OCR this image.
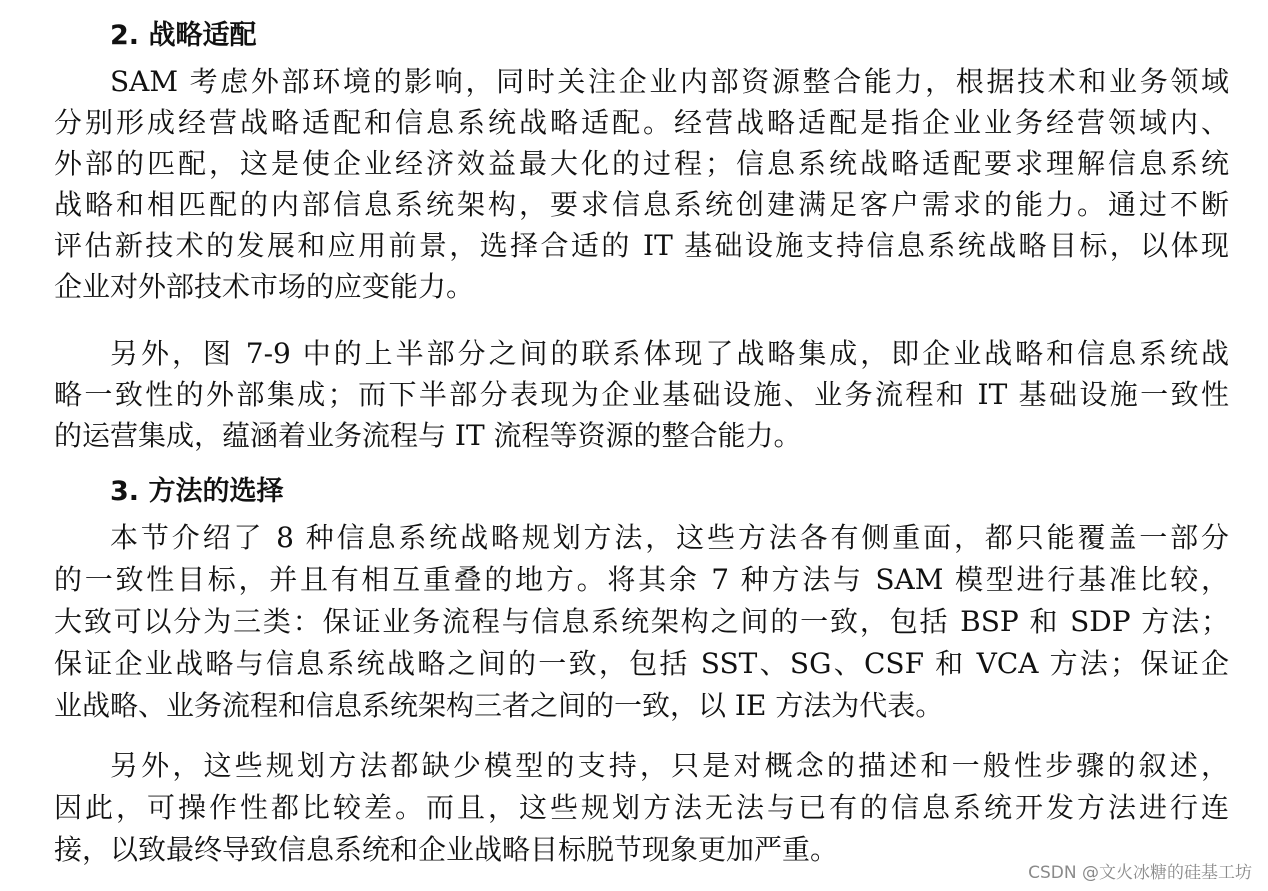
2. 战略适配
SAM 考虑外部环境的影响，同时关注企业内部资源整合能力，根据技术和业务领域
分别形成经营战略适配和信息系统战略适配。经营战略适配是指企业业务经营领域内、
外部的匹配，这是使企业经济效益最大化的过程；信息系统战略适配要求理解信息系统
战略和相匹配的内部信息系统架构，要求信息系统创建满足客户需求的能力。通过不断
评估新技术的发展和应用前景，选择合适的 IT 基础设施支持信息系统战略目标，以体现
企业对外部技术市场的应变能力。
另外，图 7-9 中的上半部分之间的联系体现了战略集成，即企业战略和信息系统战
略一致性的外部集成；而下半部分表现为企业基础设施、业务流程和 IT 基础设施一致性
的运营集成，蕴涵着业务流程与 IT 流程等资源的整合能力。
3. 方法的选择
本节介绍了 8 种信息系统战略规划方法，这些方法各有侧重面，都只能覆盖一部分
的一致性目标，并且有相互重叠的地方。将其余 7 种方法与 SAM 模型进行基准比较，
大致可以分为三类：保证业务流程与信息系统架构之间的一致，包括 BSP 和 SDP 方法；
保证企业战略与信息系统战略之间的一致，包括 SST、SG、CSF 和 VCA 方法；保证企
业战略、业务流程和信息系统架构三者之间的一致，以 IE 方法为代表。
另外，这些规划方法都缺少模型的支持，只是对概念的描述和一般性步骤的叙述，
因此，可操作性都比较差。而且，这些规划方法无法与已有的信息系统开发方法进行连
接，以致最终导致信息系统和企业战略目标脱节现象更加严重。
CSDN @文火冰糖的硅基工坊
